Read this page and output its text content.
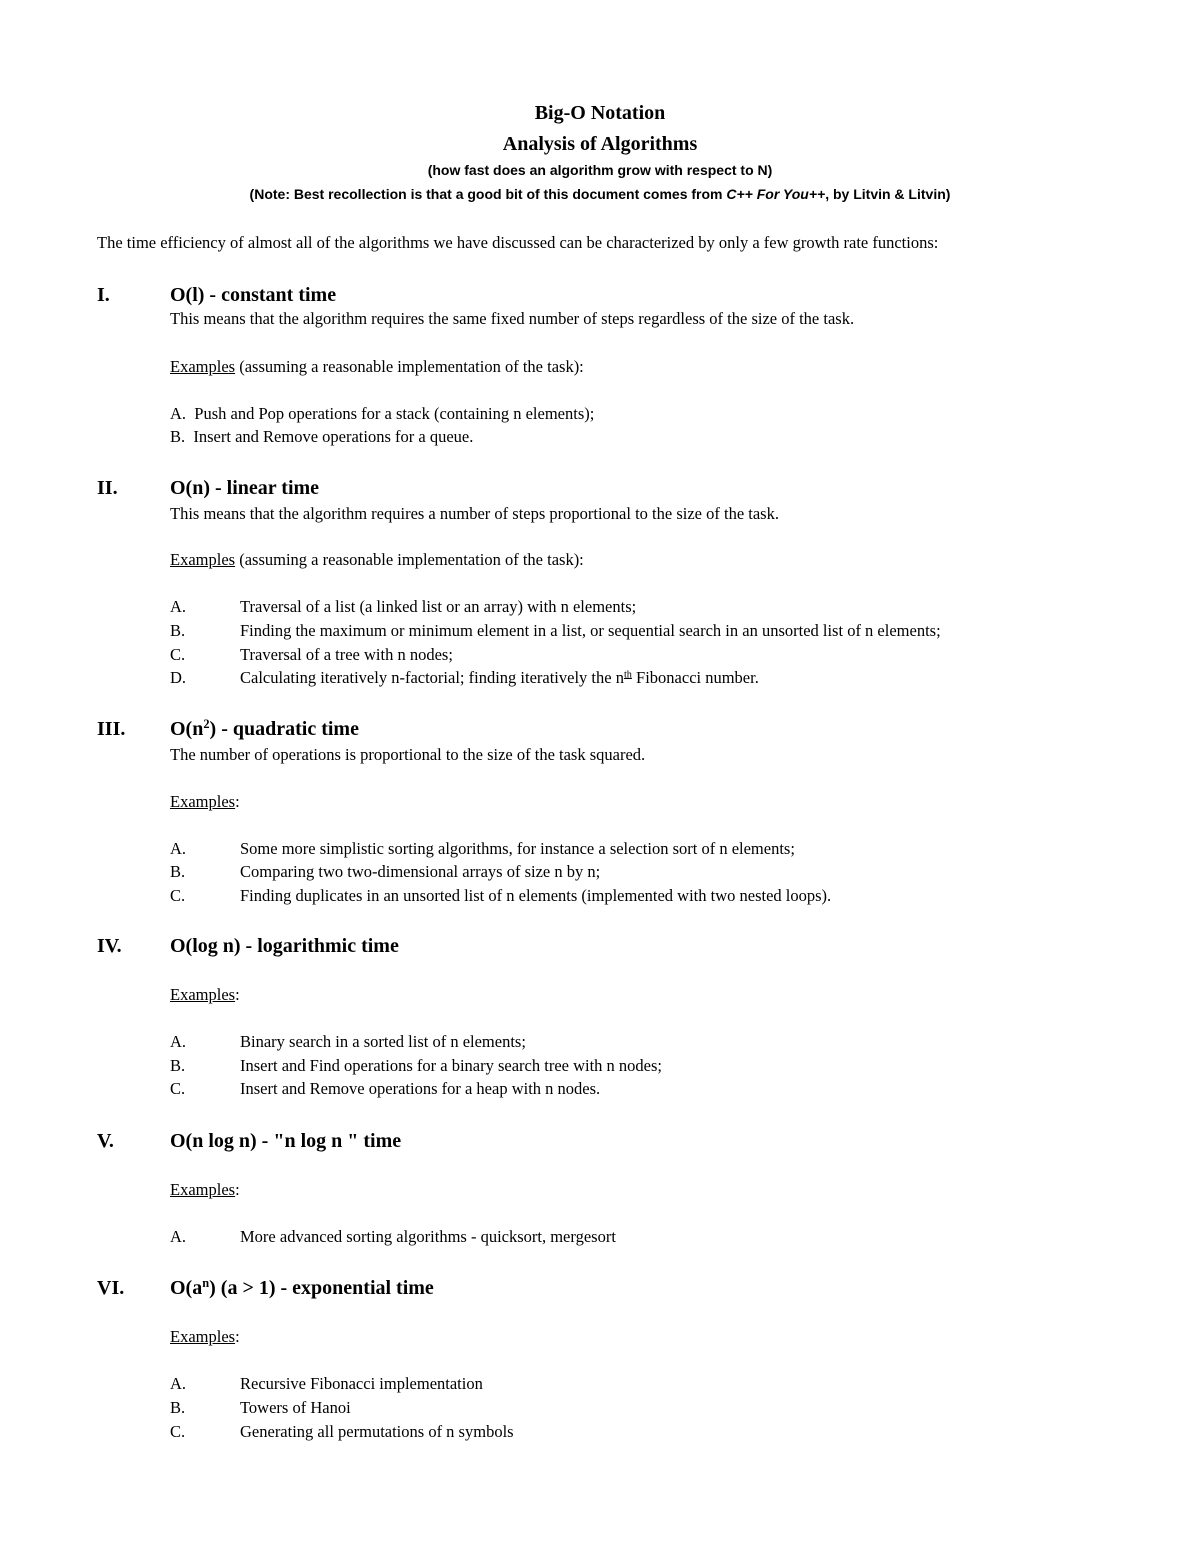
Big-O Notation
Analysis of Algorithms
(how fast does an algorithm grow with respect to N)
(Note: Best recollection is that a good bit of this document comes from C++ For You++, by Litvin & Litvin)
The time efficiency of almost all of the algorithms we have discussed can be characterized by only a few growth rate functions:
I.	O(l) - constant time
This means that the algorithm requires the same fixed number of steps regardless of the size of the task.
Examples (assuming a reasonable implementation of the task):
A. Push and Pop operations for a stack (containing n elements);
B. Insert and Remove operations for a queue.
II.	O(n) - linear time
This means that the algorithm requires a number of steps proportional to the size of the task.
Examples (assuming a reasonable implementation of the task):
A.	Traversal of a list (a linked list or an array) with n elements;
B.	Finding the maximum or minimum element in a list, or sequential search in an unsorted list of n elements;
C.	Traversal of a tree with n nodes;
D.	Calculating iteratively n-factorial; finding iteratively the $n^{th}$ Fibonacci number.
III. $O(n^2)$ - quadratic time
The number of operations is proportional to the size of the task squared.
Examples:
A.	Some more simplistic sorting algorithms, for instance a selection sort of n elements;
B.	Comparing two two-dimensional arrays of size n by n;
C.	Finding duplicates in an unsorted list of n elements (implemented with two nested loops).
IV. O(log n) - logarithmic time
Examples:
A.	Binary search in a sorted list of n elements;
B.	Insert and Find operations for a binary search tree with n nodes;
C.	Insert and Remove operations for a heap with n nodes.
V.	O(n log n) - "n log n " time
Examples:
A.	More advanced sorting algorithms - quicksort, mergesort
VI. $O(a^n) (a > 1)$ - exponential time
Examples:
A.	Recursive Fibonacci implementation
B.	Towers of Hanoi
C.	Generating all permutations of n symbols
